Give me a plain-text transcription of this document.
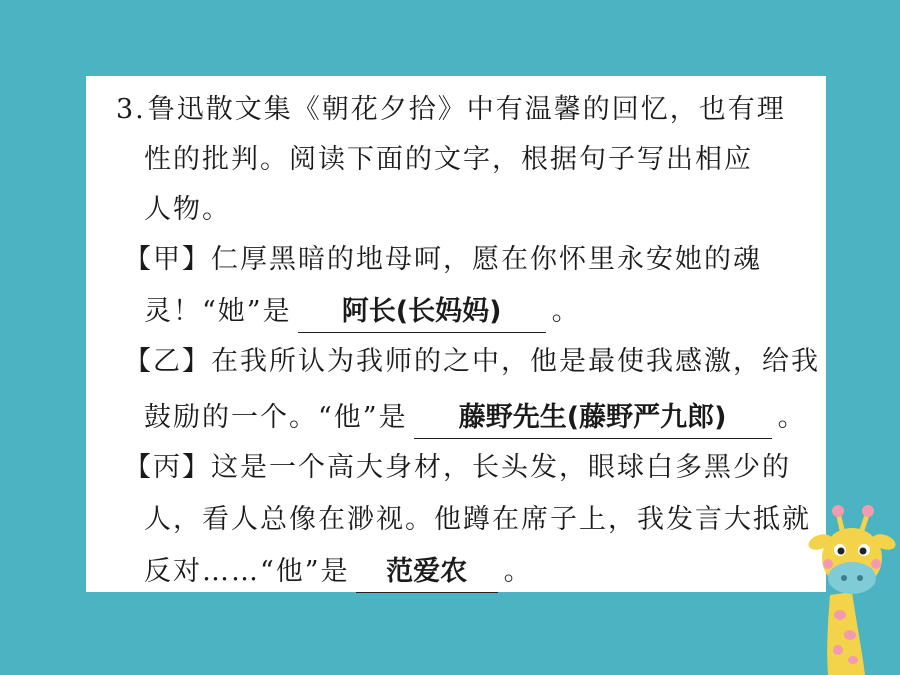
3.鲁迅散文集《朝花夕拾》中有温馨的回忆，也有理
性的批判。阅读下面的文字，根据句子写出相应
人物。
【甲】仁厚黑暗的地母呵，愿在你怀里永安她的魂
灵！“她”是 阿长(长妈妈) 。
【乙】在我所认为我师的之中，他是最使我感激，给我
鼓励的一个。“他”是 藤野先生(藤野严九郎) 。
【丙】这是一个高大身材，长头发，眼球白多黑少的
人，看人总像在渺视。他蹲在席子上，我发言大抵就
反对……“他”是 范爱农 。
